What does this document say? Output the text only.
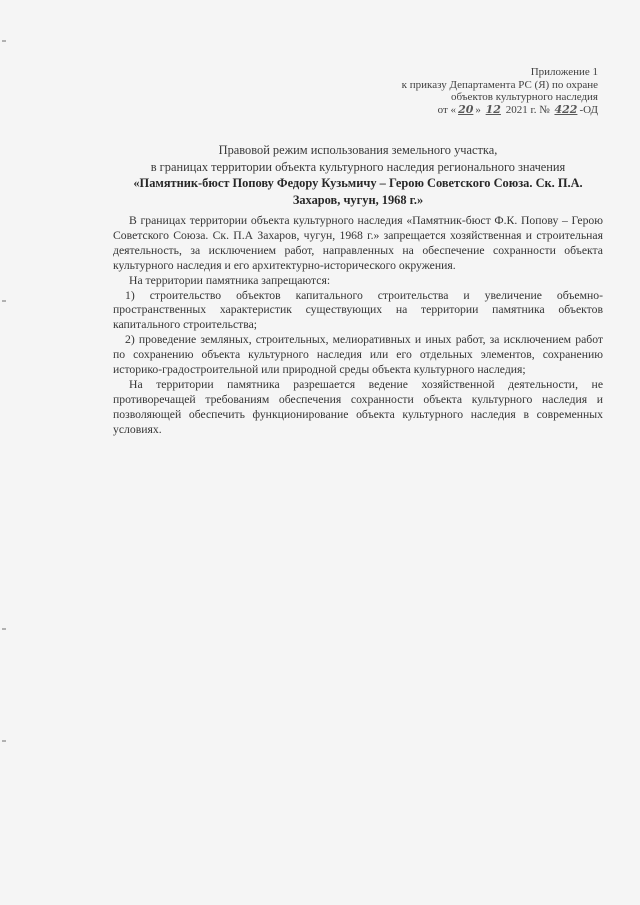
Приложение 1
к приказу Департамента РС (Я) по охране
объектов культурного наследия
от « 20 » 12 2021 г. № 422 -ОД
Правовой режим использования земельного участка,
в границах территории объекта культурного наследия регионального значения
«Памятник-бюст Попову Федору Кузьмичу – Герою Советского Союза. Ск. П.А.
Захаров, чугун, 1968 г.»

В границах территории объекта культурного наследия «Памятник-бюст Ф.К. Попову – Герою Советского Союза. Ск. П.А Захаров, чугун, 1968 г.» запрещается хозяйственная и строительная деятельность, за исключением работ, направленных на обеспечение сохранности объекта культурного наследия и его архитектурно-исторического окружения.

На территории памятника запрещаются:

1) строительство объектов капитального строительства и увеличение объемно-пространственных характеристик существующих на территории памятника объектов капитального строительства;

2) проведение земляных, строительных, мелиоративных и иных работ, за исключением работ по сохранению объекта культурного наследия или его отдельных элементов, сохранению историко-градостроительной или природной среды объекта культурного наследия;

На территории памятника разрешается ведение хозяйственной деятельности, не противоречащей требованиям обеспечения сохранности объекта культурного наследия и позволяющей обеспечить функционирование объекта культурного наследия в современных условиях.
